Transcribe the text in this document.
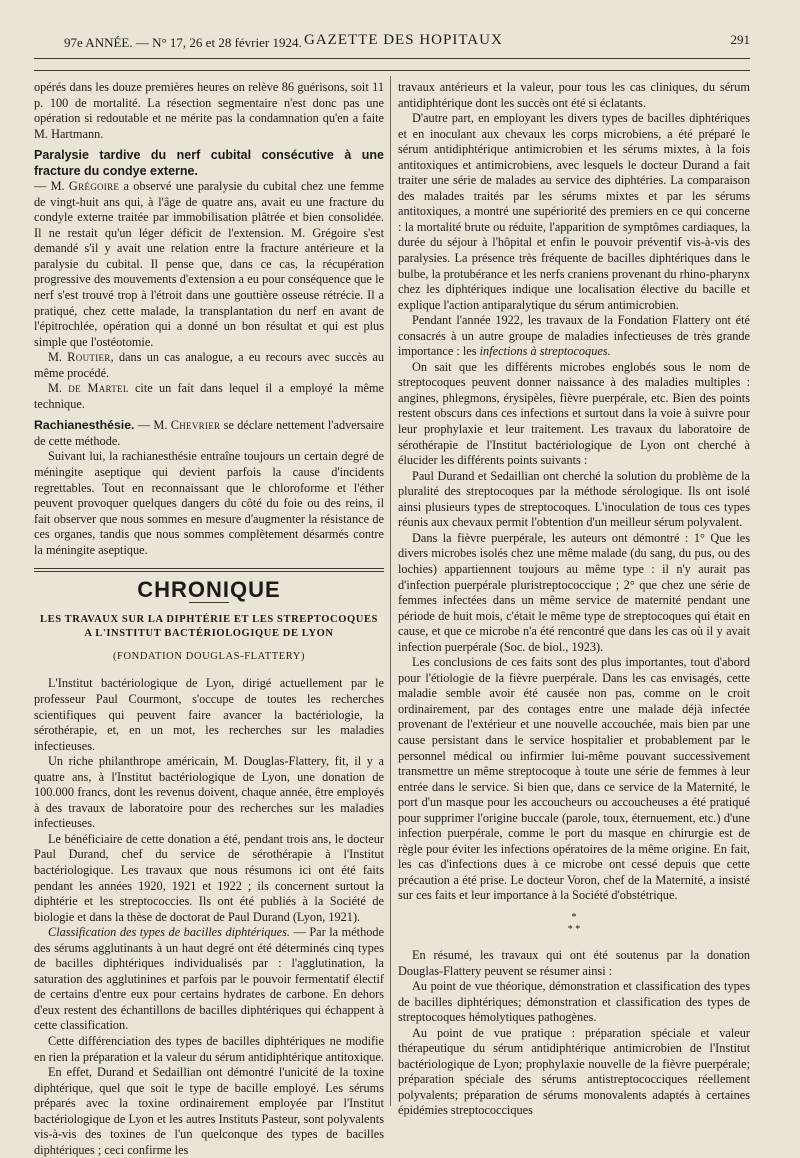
97e ANNÉE. — N° 17, 26 et 28 février 1924. GAZETTE DES HOPITAUX	291

opérés dans les douze premières heures on relève 86 guérisons, soit 11 p. 100 de mortalité. La résection segmentaire n'est donc pas une opération si redoutable et ne mérite pas la condamnation qu'en a faite M. Hartmann.

Paralysie tardive du nerf cubital consécutive à une fracture du condye externe.

— M. Grégoire a observé une paralysie du cubital chez une femme de vingt-huit ans qui, à l'âge de quatre ans, avait eu une fracture du condyle externe traitée par immobilisation plâtrée et bien consolidée. Il ne restait qu'un léger déficit de l'extension. M. Grégoire s'est demandé s'il y avait une relation entre la fracture antérieure et la paralysie du cubital. Il pense que, dans ce cas, la récupération progressive des mouvements d'extension a eu pour conséquence que le nerf s'est trouvé trop à l'étroit dans une gouttière osseuse rétrécie. Il a pratiqué, chez cette malade, la transplantation du nerf en avant de l'épitrochlée, opération qui a donné un bon résultat et qui est plus simple que l'ostéotomie.

M. Routier, dans un cas analogue, a eu recours avec succès au même procédé.

M. de Martel cite un fait dans lequel il a employé la même technique.

Rachianesthésie. — M. Chevrier se déclare nettement l'adversaire de cette méthode.

Suivant lui, la rachianesthésie entraîne toujours un certain degré de méningite aseptique qui devient parfois la cause d'incidents regrettables. Tout en reconnaissant que le chloroforme et l'éther peuvent provoquer quelques dangers du côté du foie ou des reins, il fait observer que nous sommes en mesure d'augmenter la résistance de ces organes, tandis que nous sommes complètement désarmés contre la méningite aseptique.

CHRONIQUE
LES TRAVAUX SUR LA DIPHTÉRIE ET LES STREPTOCOQUES
A L'INSTITUT BACTÉRIOLOGIQUE DE LYON
(FONDATION DOUGLAS-FLATTERY)

L'Institut bactériologique de Lyon, dirigé actuellement par le professeur Paul Courmont, s'occupe de toutes les recherches scientifiques qui peuvent faire avancer la bactériologie, la sérothérapie, et, en un mot, les recherches sur les maladies infectieuses.

Un riche philanthrope américain, M. Douglas-Flattery, fit, il y a quatre ans, à l'Institut bactériologique de Lyon, une donation de 100.000 francs, dont les revenus doivent, chaque année, être employés à des travaux de laboratoire pour des recherches sur les maladies infectieuses.

Le bénéficiaire de cette donation a été, pendant trois ans, le docteur Paul Durand, chef du service de sérothérapie à l'Institut bactériologique. Les travaux que nous résumons ici ont été faits pendant les années 1920, 1921 et 1922 ; ils concernent surtout la diphtérie et les streptococcies. Ils ont été publiés à la Société de biologie et dans la thèse de doctorat de Paul Durand (Lyon, 1921).

Classification des types de bacilles diphtériques. — Par la méthode des sérums agglutinants à un haut degré ont été déterminés cinq types de bacilles diphtériques individualisés par : l'agglutination, la saturation des agglutinines et parfois par le pouvoir fermentatif électif de certains d'entre eux pour certains hydrates de carbone. En dehors d'eux restent des échantillons de bacilles diphtériques qui échappent à cette classification.

Cette différenciation des types de bacilles diphtériques ne modifie en rien la préparation et la valeur du sérum antidiphtérique antitoxique.

En effet, Durand et Sedaillian ont démontré l'unicité de la toxine diphtérique, quel que soit le type de bacille employé. Les sérums préparés avec la toxine ordinairement employée par l'Institut bactériologique de Lyon et les autres Instituts Pasteur, sont polyvalents vis-à-vis des toxines de l'un quelconque des types de bacilles diphtériques ; ceci confirme les

travaux antérieurs et la valeur, pour tous les cas cliniques, du sérum antidiphtérique dont les succès ont été si éclatants.

D'autre part, en employant les divers types de bacilles diphtériques et en inoculant aux chevaux les corps microbiens, a été préparé le sérum antidiphtérique antimicrobien et les sérums mixtes, à la fois antitoxiques et antimicrobiens, avec lesquels le docteur Durand a fait traiter une série de malades au service des diphtéries. La comparaison des malades traités par les sérums mixtes et par les sérums antitoxiques, a montré une supériorité des premiers en ce qui concerne : la mortalité brute ou réduite, l'apparition de symptômes cardiaques, la durée du séjour à l'hôpital et enfin le pouvoir préventif vis-à-vis des paralysies. La présence très fréquente de bacilles diphtériques dans le bulbe, la protubérance et les nerfs craniens provenant du rhino-pharynx chez les diphtériques indique une localisation élective du bacille et explique l'action antiparalytique du sérum antimicrobien.

Pendant l'année 1922, les travaux de la Fondation Flattery ont été consacrés à un autre groupe de maladies infectieuses de très grande importance : les infections à streptocoques.

On sait que les différents microbes englobés sous le nom de streptocoques peuvent donner naissance à des maladies multiples : angines, phlegmons, érysipèles, fièvre puerpérale, etc. Bien des points restent obscurs dans ces infections et surtout dans la voie à suivre pour leur prophylaxie et leur traitement. Les travaux du laboratoire de sérothérapie de l'Institut bactériologique de Lyon ont cherché à élucider les différents points suivants :

Paul Durand et Sedaillian ont cherché la solution du problème de la pluralité des streptocoques par la méthode sérologique. Ils ont isolé ainsi plusieurs types de streptocoques. L'inoculation de tous ces types réunis aux chevaux permit l'obtention d'un meilleur sérum polyvalent.

Dans la fièvre puerpérale, les auteurs ont démontré : 1° Que les divers microbes isolés chez une même malade (du sang, du pus, ou des lochies) appartiennent toujours au même type : il n'y aurait pas d'infection puerpérale pluristreptococcique ; 2° que chez une série de femmes infectées dans un même service de maternité pendant une période de huit mois, c'était le même type de streptocoques qui était en cause, et que ce microbe n'a été rencontré que dans les cas où il y avait infection puerpérale (Soc. de biol., 1923).

Les conclusions de ces faits sont des plus importantes, tout d'abord pour l'étiologie de la fièvre puerpérale. Dans les cas envisagés, cette maladie semble avoir été causée non pas, comme on le croit ordinairement, par des contages entre une malade déjà infectée provenant de l'extérieur et une nouvelle accouchée, mais bien par une cause persistant dans le service hospitalier et probablement par le personnel médical ou infirmier lui-même pouvant successivement transmettre un même streptocoque à toute une série de femmes à leur entrée dans le service. Si bien que, dans ce service de la Maternité, le port d'un masque pour les accoucheurs ou accoucheuses a été pratiqué pour supprimer l'origine buccale (parole, toux, éternuement, etc.) d'une infection puerpérale, comme le port du masque en chirurgie est de règle pour éviter les infections opératoires de la même origine. En fait, les cas d'infections dues à ce microbe ont cessé depuis que cette précaution a été prise. Le docteur Voron, chef de la Maternité, a insisté sur ces faits et leur importance à la Société d'obstétrique.

*
* *

En résumé, les travaux qui ont été soutenus par la donation Douglas-Flattery peuvent se résumer ainsi :

Au point de vue théorique, démonstration et classification des types de bacilles diphtériques; démonstration et classification des types de streptocoques hémolytiques pathogènes.

Au point de vue pratique : préparation spéciale et valeur thérapeutique du sérum antidiphtérique antimicrobien de l'Institut bactériologique de Lyon; prophylaxie nouvelle de la fièvre puerpérale; préparation spéciale des sérums antistreptococciques réellement polyvalents; préparation de sérums monovalents adaptés à certaines épidémies streptococciques
